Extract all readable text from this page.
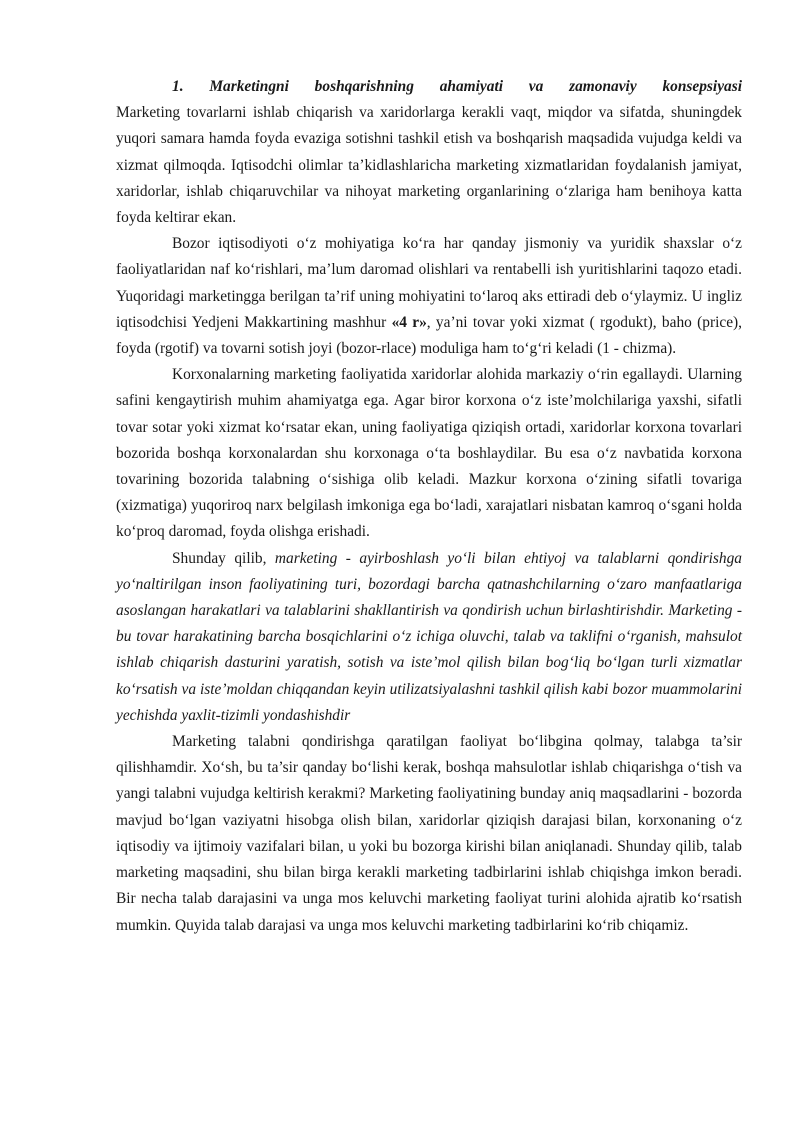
1. Marketingni boshqarishning ahamiyati va zamonaviy konsepsiyasi

Marketing tovarlarni ishlab chiqarish va xaridorlarga kerakli vaqt, miqdor va sifatda, shuningdek yuqori samara hamda foyda evaziga sotishni tashkil etish va boshqarish maqsadida vujudga keldi va xizmat qilmoqda. Iqtisodchi olimlar ta’kidlashlaricha marketing xizmatlaridan foydalanish jamiyat, xaridorlar, ishlab chiqaruvchilar va nihoyat marketing organlarining o‘zlariga ham benihoya katta foyda keltirar ekan.

Bozor iqtisodiyoti o‘z mohiyatiga ko‘ra har qanday jismoniy va yuridik shaxslar o‘z faoliyatlaridan naf ko‘rishlari, ma’lum daromad olishlari va rentabelli ish yuritishlarini taqozo etadi. Yuqoridagi marketingga berilgan ta’rif uning mohiyatini to‘laroq aks ettiradi deb o‘ylaymiz. U ingliz iqtisodchisi Yedjeni Makkartining mashhur «4 r», ya’ni tovar yoki xizmat ( rgodukt), baho (price), foyda (rgotif) va tovarni sotish joyi (bozor-rlace) moduliga ham to‘g‘ri keladi (1 - chizma).

Korxonalarning marketing faoliyatida xaridorlar alohida markaziy o‘rin egallaydi. Ularning safini kengaytirish muhim ahamiyatga ega. Agar biror korxona o‘z iste’molchilariga yaxshi, sifatli tovar sotar yoki xizmat ko‘rsatar ekan, uning faoliyatiga qiziqish ortadi, xaridorlar korxona tovarlari bozorida boshqa korxonalardan shu korxonaga o‘ta boshlaydilar. Bu esa o‘z navbatida korxona tovarining bozorida talabning o‘sishiga olib keladi. Mazkur korxona o‘zining sifatli tovariga (xizmatiga) yuqoriroq narx belgilash imkoniga ega bo‘ladi, xarajatlari nisbatan kamroq o‘sgani holda ko‘proq daromad, foyda olishga erishadi.

Shunday qilib, marketing - ayirboshlash yo‘li bilan ehtiyoj va talablarni qondirishga yo‘naltirilgan inson faoliyatining turi, bozordagi barcha qatnashchilarning o‘zaro manfaatlariga asoslangan harakatlari va talablarini shakllantirish va qondirish uchun birlashtirishdir. Marketing - bu tovar harakatining barcha bosqichlarini o‘z ichiga oluvchi, talab va taklifni o‘rganish, mahsulot ishlab chiqarish dasturini yaratish, sotish va iste’mol qilish bilan bog‘liq bo‘lgan turli xizmatlar ko‘rsatish va iste’moldan chiqqandan keyin utilizatsiyalashni tashkil qilish kabi bozor muammolarini yechishda yaxlit-tizimli yondashishdir

Marketing talabni qondirishga qaratilgan faoliyat bo‘libgina qolmay, talabga ta’sir qilishhamdir. Xo‘sh, bu ta’sir qanday bo‘lishi kerak, boshqa mahsulotlar ishlab chiqarishga o‘tish va yangi talabni vujudga keltirish kerakmi? Marketing faoliyatining bunday aniq maqsadlarini - bozorda mavjud bo‘lgan vaziyatni hisobga olish bilan, xaridorlar qiziqish darajasi bilan, korxonaning o‘z iqtisodiy va ijtimoiy vazifalari bilan, u yoki bu bozorga kirishi bilan aniqlanadi. Shunday qilib, talab marketing maqsadini, shu bilan birga kerakli marketing tadbirlarini ishlab chiqishga imkon beradi. Bir necha talab darajasini va unga mos keluvchi marketing faoliyat turini alohida ajratib ko‘rsatish mumkin. Quyida talab darajasi va unga mos keluvchi marketing tadbirlarini ko‘rib chiqamiz.
